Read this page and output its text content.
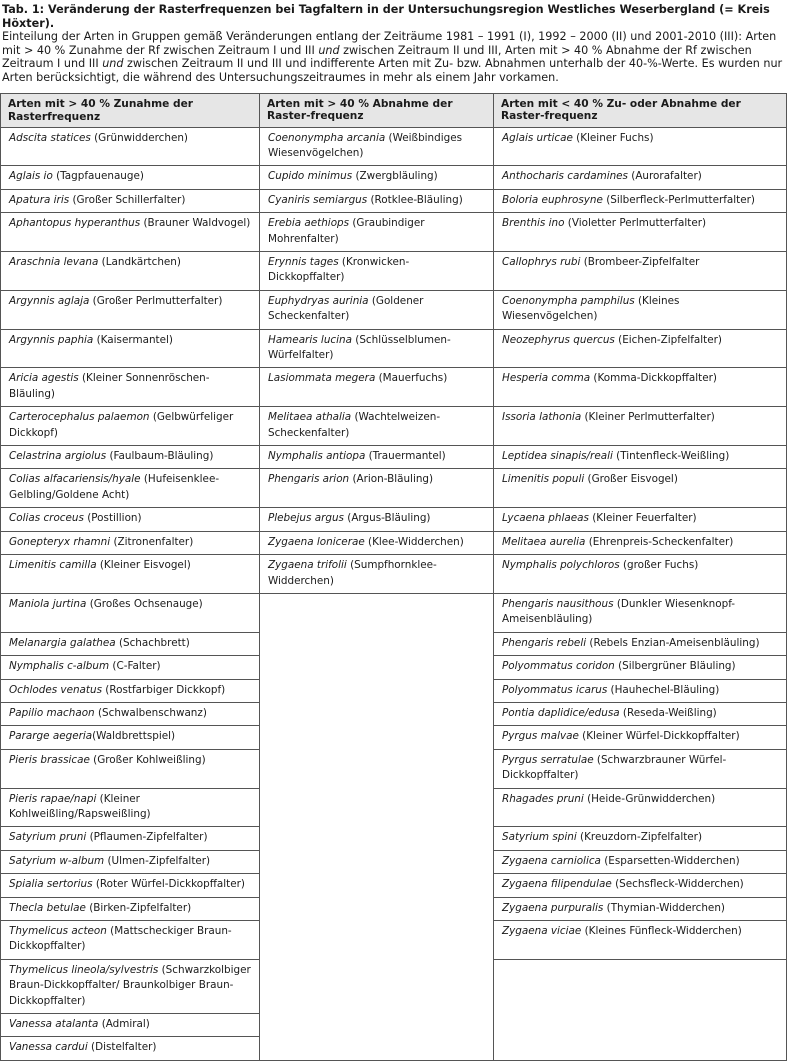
Tab. 1: Veränderung der Rasterfrequenzen bei Tagfaltern in der Untersuchungsregion Westliches Weserbergland (= Kreis Höxter).
Einteilung der Arten in Gruppen gemäß Veränderungen entlang der Zeiträume 1981 – 1991 (I), 1992 – 2000 (II) und 2001-2010 (III): Arten mit > 40 % Zunahme der Rf zwischen Zeitraum I und III und zwischen Zeitraum II und III, Arten mit > 40 % Abnahme der Rf zwischen Zeitraum I und III und zwischen Zeitraum II und III und indifferente Arten mit Zu- bzw. Abnahmen unterhalb der 40-%-Werte. Es wurden nur Arten berücksichtigt, die während des Untersuchungszeitraumes in mehr als einem Jahr vorkamen.
Arten mit > 40 % Zunahme der Rasterfrequenz	Arten mit > 40 % Abnahme der Raster-frequenz	Arten mit < 40 % Zu- oder Abnahme der Raster-frequenz
Adscita statices (Grünwidderchen)	Coenonympha arcania (Weißbindiges Wiesenvögelchen)	Aglais urticae (Kleiner Fuchs)
Aglais io (Tagpfauenauge)	Cupido minimus (Zwergbläuling)	Anthocharis cardamines (Aurorafalter)
Apatura iris (Großer Schillerfalter)	Cyaniris semiargus (Rotklee-Bläuling)	Boloria euphrosyne (Silberfleck-Perlmutterfalter)
Aphantopus hyperanthus (Brauner Waldvogel)	Erebia aethiops (Graubindiger Mohrenfalter)	Brenthis ino (Violetter Perlmutterfalter)
Araschnia levana (Landkärtchen)	Erynnis tages (Kronwicken-Dickkopffalter)	Callophrys rubi (Brombeer-Zipfelfalter
Argynnis aglaja (Großer Perlmutterfalter)	Euphydryas aurinia (Goldener Scheckenfalter)	Coenonympha pamphilus (Kleines Wiesenvögelchen)
Argynnis paphia (Kaisermantel)	Hamearis lucina (Schlüsselblumen-Würfelfalter)	Neozephyrus quercus (Eichen-Zipfelfalter)
Aricia agestis (Kleiner Sonnenröschen-Bläuling)	Lasiommata megera (Mauerfuchs)	Hesperia comma (Komma-Dickkopffalter)
Carterocephalus palaemon (Gelbwürfeliger Dickkopf)	Melitaea athalia (Wachtelweizen-Scheckenfalter)	Issoria lathonia (Kleiner Perlmutterfalter)
Celastrina argiolus (Faulbaum-Bläuling)	Nymphalis antiopa (Trauermantel)	Leptidea sinapis/reali (Tintenfleck-Weißling)
Colias alfacariensis/hyale (Hufeisenklee-Gelbling/Goldene Acht)	Phengaris arion (Arion-Bläuling)	Limenitis populi (Großer Eisvogel)
Colias croceus (Postillion)	Plebejus argus (Argus-Bläuling)	Lycaena phlaeas (Kleiner Feuerfalter)
Gonepteryx rhamni (Zitronenfalter)	Zygaena lonicerae (Klee-Widderchen)	Melitaea aurelia (Ehrenpreis-Scheckenfalter)
Limenitis camilla (Kleiner Eisvogel)	Zygaena trifolii (Sumpfhornklee-Widderchen)	Nymphalis polychloros (großer Fuchs)
Maniola jurtina (Großes Ochsenauge)		Phengaris nausithous (Dunkler Wiesenknopf-Ameisenbläuling)
Melanargia galathea (Schachbrett)		Phengaris rebeli (Rebels Enzian-Ameisenbläuling)
Nymphalis c-album (C-Falter)		Polyommatus coridon (Silbergrüner Bläuling)
Ochlodes venatus (Rostfarbiger Dickkopf)		Polyommatus icarus (Hauhechel-Bläuling)
Papilio machaon (Schwalbenschwanz)		Pontia daplidice/edusa (Reseda-Weißling)
Pararge aegeria(Waldbrettspiel)		Pyrgus malvae (Kleiner Würfel-Dickkopffalter)
Pieris brassicae (Großer Kohlweißling)		Pyrgus serratulae (Schwarzbrauner Würfel-Dickkopffalter)
Pieris rapae/napi (Kleiner Kohlweißling/Rapsweißling)		Rhagades pruni (Heide-Grünwidderchen)
Satyrium pruni (Pflaumen-Zipfelfalter)		Satyrium spini (Kreuzdorn-Zipfelfalter)
Satyrium w-album (Ulmen-Zipfelfalter)		Zygaena carniolica (Esparsetten-Widderchen)
Spialia sertorius (Roter Würfel-Dickkopffalter)		Zygaena filipendulae (Sechsfleck-Widderchen)
Thecla betulae (Birken-Zipfelfalter)		Zygaena purpuralis (Thymian-Widderchen)
Thymelicus acteon (Mattscheckiger Braun-Dickkopffalter)		Zygaena viciae (Kleines Fünfleck-Widderchen)
Thymelicus lineola/sylvestris (Schwarzkolbiger Braun-Dickkopffalter/ Braunkolbiger Braun-Dickkopffalter)		
Vanessa atalanta (Admiral)		
Vanessa cardui (Distelfalter)		
